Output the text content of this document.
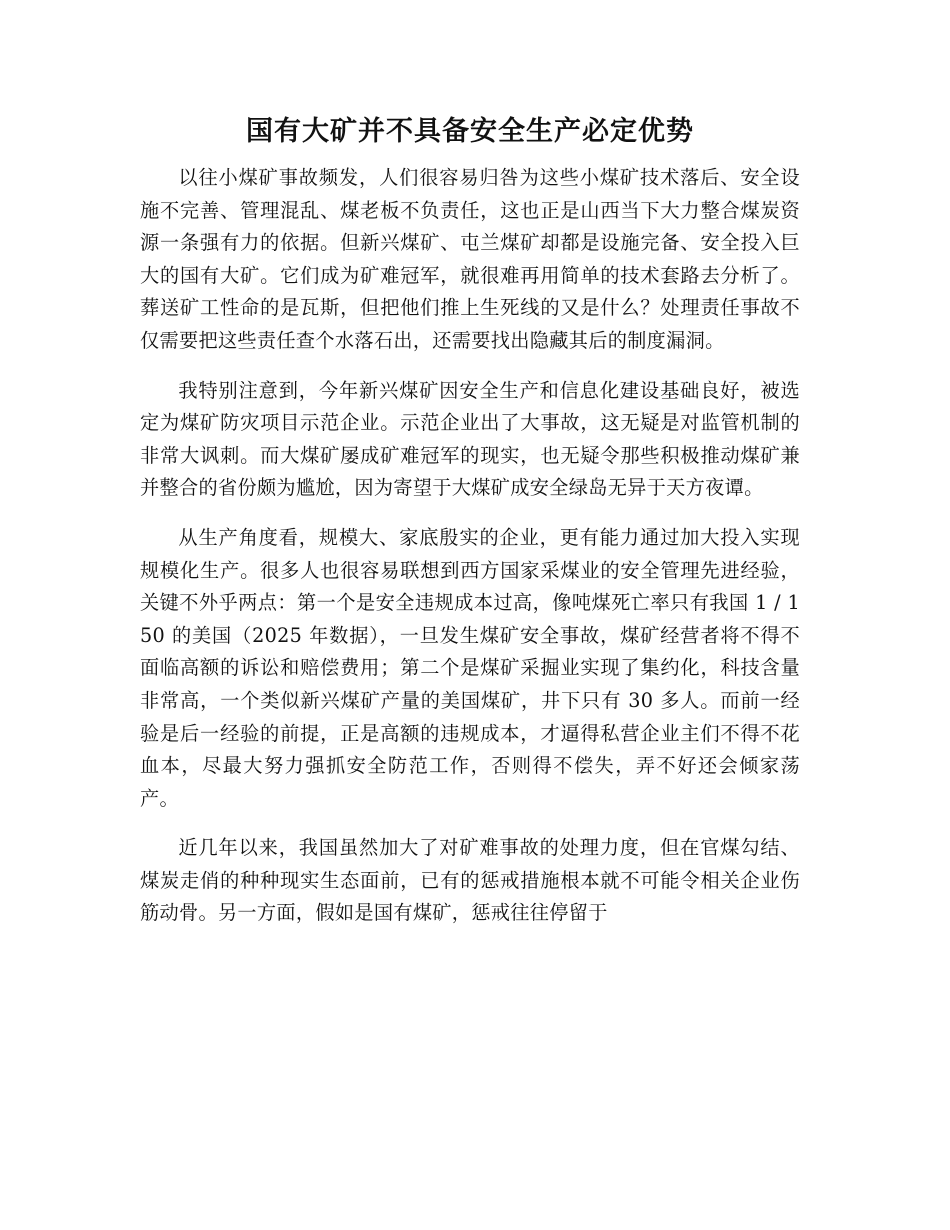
国有大矿并不具备安全生产必定优势

以往小煤矿事故频发，人们很容易归咎为这些小煤矿技术落后、安全设施不完善、管理混乱、煤老板不负责任，这也正是山西当下大力整合煤炭资源一条强有力的依据。但新兴煤矿、屯兰煤矿却都是设施完备、安全投入巨大的国有大矿。它们成为矿难冠军，就很难再用简单的技术套路去分析了。葬送矿工性命的是瓦斯，但把他们推上生死线的又是什么？处理责任事故不仅需要把这些责任查个水落石出，还需要找出隐藏其后的制度漏洞。

我特别注意到，今年新兴煤矿因安全生产和信息化建设基础良好，被选定为煤矿防灾项目示范企业。示范企业出了大事故，这无疑是对监管机制的非常大讽刺。而大煤矿屡成矿难冠军的现实，也无疑令那些积极推动煤矿兼并整合的省份颇为尴尬，因为寄望于大煤矿成安全绿岛无异于天方夜谭。

从生产角度看，规模大、家底殷实的企业，更有能力通过加大投入实现规模化生产。很多人也很容易联想到西方国家采煤业的安全管理先进经验，关键不外乎两点：第一个是安全违规成本过高，像吨煤死亡率只有我国 1 / 150 的美国（2025 年数据），一旦发生煤矿安全事故，煤矿经营者将不得不面临高额的诉讼和赔偿费用；第二个是煤矿采掘业实现了集约化，科技含量非常高，一个类似新兴煤矿产量的美国煤矿，井下只有 30 多人。而前一经验是后一经验的前提，正是高额的违规成本，才逼得私营企业主们不得不花血本，尽最大努力强抓安全防范工作，否则得不偿失，弄不好还会倾家荡产。

近几年以来，我国虽然加大了对矿难事故的处理力度，但在官煤勾结、煤炭走俏的种种现实生态面前，已有的惩戒措施根本就不可能令相关企业伤筋动骨。另一方面，假如是国有煤矿，惩戒往往停留于
